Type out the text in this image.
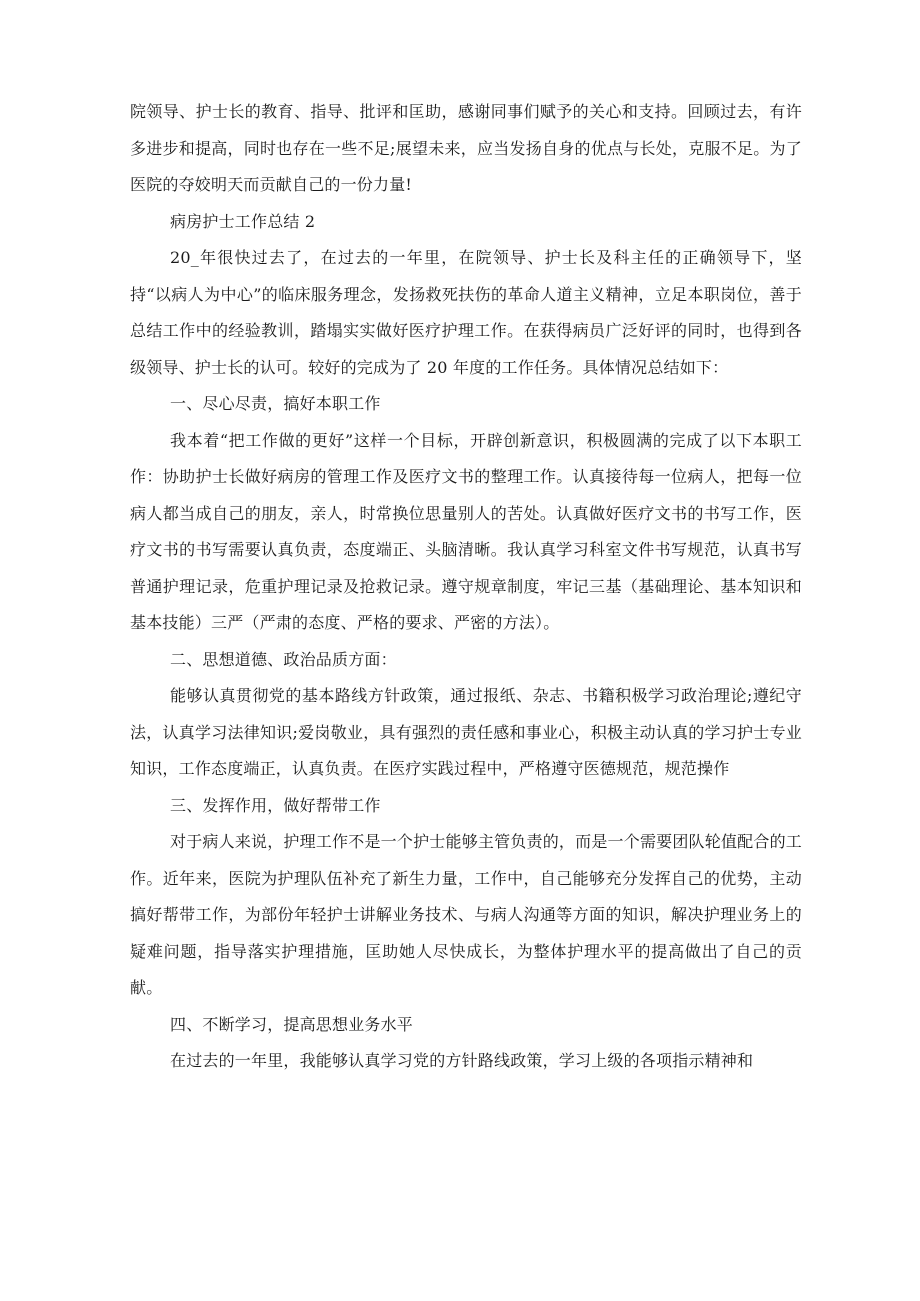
院领导、护士长的教育、指导、批评和匡助，感谢同事们赋予的关心和支持。回顾过去，有许多进步和提高，同时也存在一些不足;展望未来，应当发扬自身的优点与长处，克服不足。为了医院的夺姣明天而贡献自己的一份力量!

病房护士工作总结 2

20_年很快过去了，在过去的一年里，在院领导、护士长及科主任的正确领导下，坚持“以病人为中心”的临床服务理念，发扬救死扶伤的革命人道主义精神，立足本职岗位，善于总结工作中的经验教训，踏塌实实做好医疗护理工作。在获得病员广泛好评的同时，也得到各级领导、护士长的认可。较好的完成为了 20 年度的工作任务。具体情况总结如下：

一、尽心尽责，搞好本职工作

我本着“把工作做的更好”这样一个目标，开辟创新意识，积极圆满的完成了以下本职工作：协助护士长做好病房的管理工作及医疗文书的整理工作。认真接待每一位病人，把每一位病人都当成自己的朋友，亲人，时常换位思量别人的苦处。认真做好医疗文书的书写工作，医疗文书的书写需要认真负责，态度端正、头脑清晰。我认真学习科室文件书写规范，认真书写普通护理记录，危重护理记录及抢救记录。遵守规章制度，牢记三基（基础理论、基本知识和基本技能）三严（严肃的态度、严格的要求、严密的方法）。

二、思想道德、政治品质方面：

能够认真贯彻党的基本路线方针政策，通过报纸、杂志、书籍积极学习政治理论;遵纪守法，认真学习法律知识;爱岗敬业，具有强烈的责任感和事业心，积极主动认真的学习护士专业知识，工作态度端正，认真负责。在医疗实践过程中，严格遵守医德规范，规范操作

三、发挥作用，做好帮带工作

对于病人来说，护理工作不是一个护士能够主管负责的，而是一个需要团队轮值配合的工作。近年来，医院为护理队伍补充了新生力量，工作中，自己能够充分发挥自己的优势，主动搞好帮带工作，为部份年轻护士讲解业务技术、与病人沟通等方面的知识，解决护理业务上的疑难问题，指导落实护理措施，匡助她人尽快成长，为整体护理水平的提高做出了自己的贡献。

四、不断学习，提高思想业务水平

在过去的一年里，我能够认真学习党的方针路线政策，学习上级的各项指示精神和
